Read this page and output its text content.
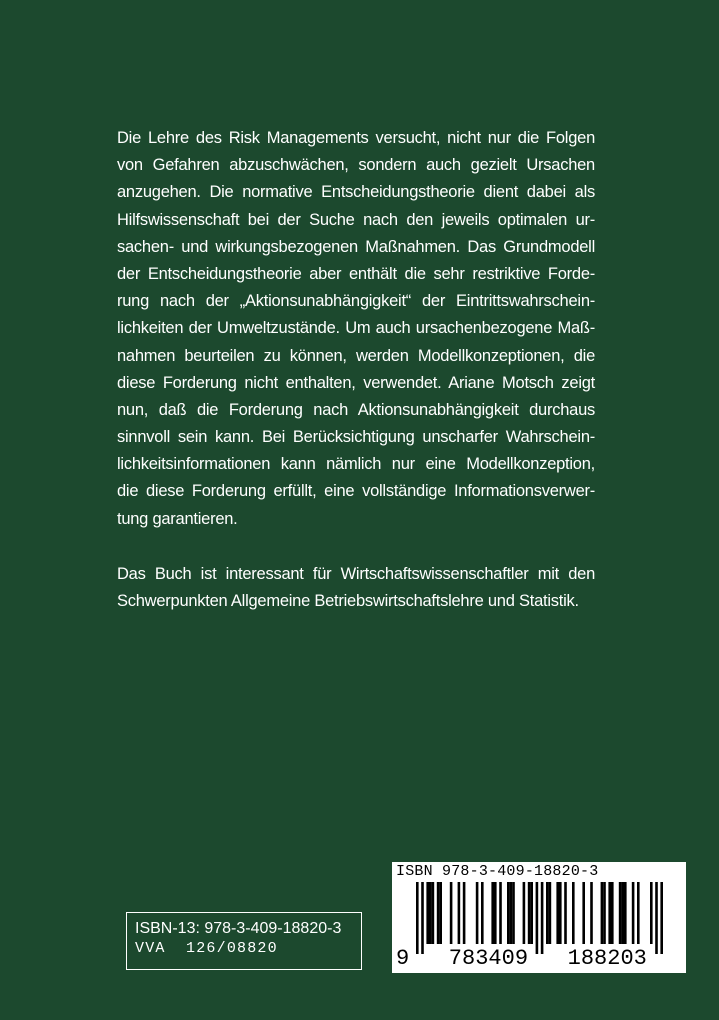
Die Lehre des Risk Managements versucht, nicht nur die Folgen
von Gefahren abzuschwächen, sondern auch gezielt Ursachen
anzugehen. Die normative Entscheidungstheorie dient dabei als
Hilfswissenschaft bei der Suche nach den jeweils optimalen ur-
sachen- und wirkungsbezogenen Maßnahmen. Das Grundmodell
der Entscheidungstheorie aber enthält die sehr restriktive Forde-
rung nach der „Aktionsunabhängigkeit“ der Eintrittswahrschein-
lichkeiten der Umweltzustände. Um auch ursachenbezogene Maß-
nahmen beurteilen zu können, werden Modellkonzeptionen, die
diese Forderung nicht enthalten, verwendet. Ariane Motsch zeigt
nun, daß die Forderung nach Aktionsunabhängigkeit durchaus
sinnvoll sein kann. Bei Berücksichtigung unscharfer Wahrschein-
lichkeitsinformationen kann nämlich nur eine Modellkonzeption,
die diese Forderung erfüllt, eine vollständige Informationsverwer-
tung garantieren.
Das Buch ist interessant für Wirtschaftswissenschaftler mit den
Schwerpunkten Allgemeine Betriebswirtschaftslehre und Statistik.
ISBN-13: 978-3-409-18820-3
VVA  126/08820
ISBN 978-3-409-18820-3
9   783409   188203
